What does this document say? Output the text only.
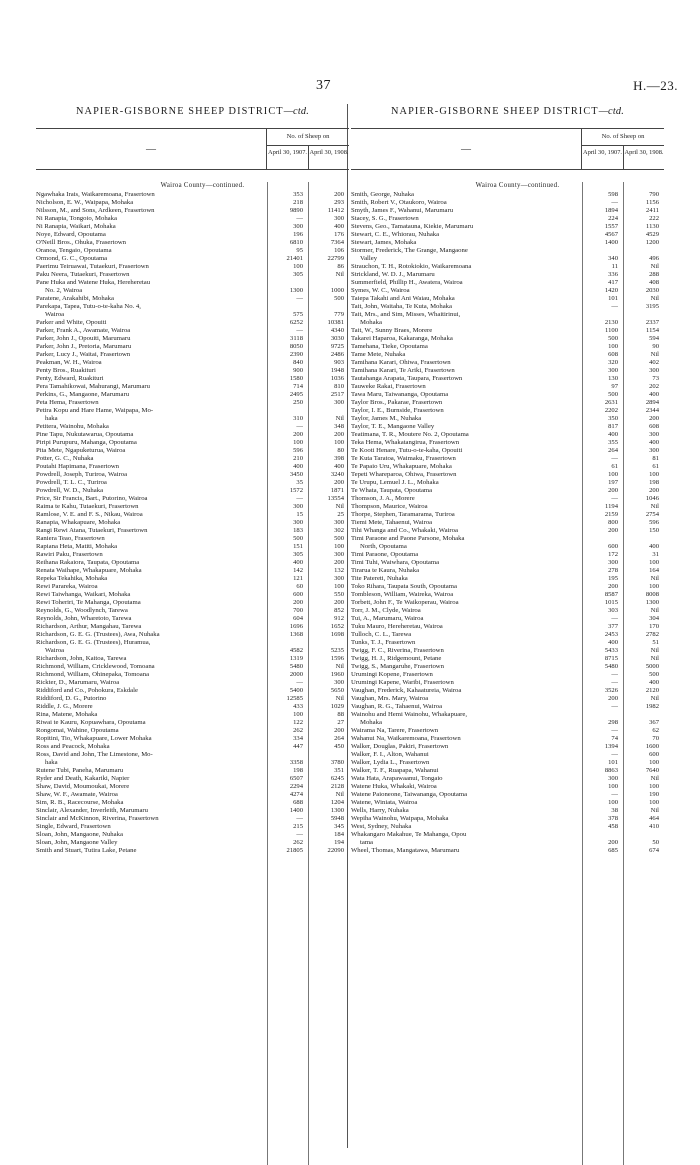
37	H.—23.
NAPIER-GISBORNE SHEEP DISTRICT—ctd.
—
No. of Sheep on
April 30, 1907. April 30, 1908.
Wairoa County—continued.
Ngawhaka Irais, Waikaremoana, Frasertown	353	200
Nicholson, E. W., Waipapa, Mohaka	218	293
Nilsson, M., and Sons, Ardkeen, Frasertown	9890	11412
Ni Ranapia, Tongoio, Mohaka	—	300
Ni Ranapia, Waikari, Mohaka	300	400
Noye, Edward, Opoutama	196	176
O'Neill Bros., Ohuka, Frasertown	6810	7364
Oranoa, Tengaio, Opoutama	95	106
Ormond, G. C., Opoutama	21401	22799
Paerimu Teiruawai, Tutaekuri, Frasertown	100	86
Paku Neera, Tutaekuri, Frasertown	305	Nil
Pane Huka and Watene Huka, Hereheretau
No. 2, Wairoa	1300	1000
Paratene, Arakahibi, Mohaka	—	500
Parekapa, Tapea, Tutu-o-te-kaha No. 4,
Wairoa	575	779
Parker and White, Opouiti	6252	10381
Parker, Frank A., Awamate, Wairoa	—	4340
Parker, John J., Opouiti, Marumaru	3118	3030
Parker, John J., Pretoria, Marumaru	8050	9725
Parker, Lucy J., Waitai, Frasertown	2390	2486
Peakman, W. H., Wairoa	840	903
Penty Bros., Ruakituri	900	1948
Penty, Edward, Ruakituri	1580	1036
Pera Tamahikowai, Mahurangi, Marumaru	714	810
Perkins, G., Mangaone, Marumaru	2495	2517
Peta Hema, Frasertown	250	300
Petira Kopu and Hare Hame, Waipapa, Mo-
haka	310	Nil
Petitera, Wainohu, Mohaka	—	348
Pine Tapu, Nukutawarua, Opoutama	200	200
Piripi Purupuru, Mahanga, Opoutama	100	100
Pita Mete, Ngapuketurua, Wairoa	596	80
Potter, G. C., Nuhaka	210	398
Poutahi Hapimana, Frasertown	400	400
Powdrell, Joseph, Turiroa, Wairoa	3450	3240
Powdrell, T. L. C., Turiroa	35	200
Powdrell, W. D., Nuhaka	1572	1871
Price, Sir Francis, Bart., Putorino, Wairoa	—	13554
Raima te Kahu, Tutaekuri, Frasertown	300	Nil
Ramlose, V. E. and F. S., Nikau, Wairoa	15	25
Ranapia, Whakapuare, Mohaka	300	300
Rangi Rewi Atana, Tutaekuri, Frasertown	183	302
Raniera Teao, Frasertown	500	500
Rapiana Heta, Matiti, Mohaka	151	100
Rawiri Paku, Frasertown	305	300
Reihana Rakaiora, Taupata, Opoutama	400	200
Renata Waihape, Whakapuare, Mohaka	142	132
Repeka Tekahika, Mohaka	121	300
Rewi Parareka, Wairoa	60	100
Rewi Taiwhanga, Waikari, Mohaka	600	550
Rewi Toheriri, Te Mahanga, Opoutama	200	200
Reynolds, G., Woodlynch, Tarewa	700	852
Reynolds, John, Wharetoto, Tarewa	604	912
Richardson, Arthur, Mangahau, Tarewa	1696	1652
Richardson, G. E. G. (Trustees), Awa, Nuhaka	1368	1698
Richardson, G. E. G. (Trustees), Huramua,
Wairoa	4582	5235
Richardson, John, Kaitoa, Tarewa	1319	1596
Richmond, William, Cricklewood, Tomoana	5480	Nil
Richmond, William, Ohinepaka, Tomoana	2000	1960
Rickter, D., Marumaru, Wairoa	—	300
Riddiford and Co., Pohokura, Eskdale	5400	5650
Riddiford, D. G., Putorino	12585	Nil
Riddle, J. G., Morere	433	1029
Rina, Matene, Mohaka	100	88
Riwai te Kauru, Kopuawhara, Opoutama	122	27
Rongomai, Wahine, Opoutama	262	200
Ropitini, Tio, Whakapuare, Lower Mohaka	334	264
Ross and Peacock, Mohaka	447	450
Ross, David and John, The Limestone, Mo-
haka	3358	3780
Rutene Tubi, Paneha, Marumaru	198	351
Ryder and Death, Kakariki, Napier	6507	6245
Shaw, David, Moumoukai, Morere	2294	2128
Shaw, W. F., Awamate, Wairoa	4274	Nil
Sim, R. B., Racecourse, Mohaka	688	1204
Sinclair, Alexander, Inverleith, Marumaru	1400	1300
Sinclair and McKinnon, Riverina, Frasertown	—	5948
Single, Edward, Frasertown	215	345
Sloan, John, Mangaone, Nuhaka	—	184
Sloan, John, Mangaone Valley	262	194
Smith and Stuart, Tutira Lake, Petane	21805	22090
NAPIER-GISBORNE SHEEP DISTRICT—ctd.
—
No. of Sheep on
April 30, 1907. April 30, 1908.
Wairoa County—continued.
Smith, George, Nuhaka	598	790
Smith, Robert V., Otaukoro, Wairoa	—	1156
Smyth, James F., Wahanui, Marumaru	1894	2411
Stacey, S. G., Frasertown	224	222
Stevens, Geo., Tamatauna, Kiekie, Marumaru	1557	1130
Stewart, C. E., Whiorau, Nuhaka	4567	4529
Stewart, James, Mohaka	1400	1200
Stormer, Frederick, The Grange, Mangaone
Valley	340	496
Strauchon, T. H., Rotokiokio, Waikaremoana	11	Nil
Strickland, W. D. J., Marumaru	336	288
Summerfield, Phillip H., Awatera, Wairoa	417	408
Symes, W. C., Wairoa	1420	2030
Taiepa Takahi and Ani Waiau, Mohaka	101	Nil
Tait, John, Waitaha, Te Kuta, Mohaka	—	3195
Tait, Mrs., and Sim, Misses, Whaitirinui,
Mohaka	2130	2337
Tait, W., Sunny Braes, Morere	1100	1154
Takarei Haparoa, Kakaranga, Mohaka	500	594
Tamehana, Tieke, Opoutama	100	90
Tame Mete, Nuhaka	608	Nil
Tamihana Karari, Ohiwa, Frasertown	320	402
Tamihana Karari, Te Ariki, Frasertown	300	300
Tautahanga Arapata, Taupara, Frasertown	130	73
Tauweke Rakai, Frasertown	97	202
Tawa Maru, Taiwananga, Opoutama	500	400
Taylor Bros., Pakarae, Frasertown	2631	2894
Taylor, I. E., Burnside, Frasertown	2202	2344
Taylor, James M., Nuhaka	350	200
Taylor, T. E., Mangaone Valley	817	608
Teatimana, T. R., Moutere No. 2, Opoutama	400	300
Teka Hema, Whakatangirua, Frasertown	355	400
Te Kooti Henare, Tutu-o-te-kaha, Opouiti	264	300
Te Kuta Taratoa, Waimaku, Frasertown	—	81
Te Papaio Uru, Whakapuare, Mohaka	61	61
Tepeti Whareparoa, Ohiwa, Frasertown	100	100
Te Urupu, Lemuel J. L., Mohaka	197	198
Te Whata, Taupata, Opoutama	200	200
Thomson, J. A., Morere	—	1046
Thompson, Maurice, Wairoa	1194	Nil
Thorpe, Stephen, Taramarama, Turiroa	2159	2754
Tiemi Mete, Tahaenui, Wairoa	800	596
Tihi Whanga and Co., Whakaki, Wairoa	200	150
Timi Paraone and Paone Parsone, Mohaka
North, Opoutama	600	400
Timi Paraone, Opoutama	172	31
Timi Tuhi, Waiwhara, Opoutama	300	100
Tirarua te Kaura, Nuhaka	278	164
Tite Patereti, Nuhaka	195	Nil
Toko Rihara, Taupata South, Opoutama	200	100
Tombleson, William, Waireka, Wairoa	8587	8008
Torbett, John F., Te Waikoperau, Wairoa	1015	1300
Torr, J. M., Clyde, Wairoa	303	Nil
Tui, A., Marumaru, Wairoa	—	304
Tuku Mauro, Hereheretau, Wairoa	377	170
Tulloch, C. L., Tarewa	2453	2782
Tunks, T. J., Frasertown	400	51
Twigg, F. C., Riverina, Frasertown	5433	Nil
Twigg, H. J., Ridgemount, Petane	8715	Nil
Twigg, S., Mangaruhe, Frasertown	5480	5000
Urumingi Kopene, Frasertown	—	500
Urumingi Kapene, Waribi, Frasertown	—	400
Vaughan, Frederick, Kahaatureia, Wairoa	3526	2120
Vaughan, Mrs. Mary, Wairoa	200	Nil
Vaughan, R. G., Tahaenui, Wairoa	—	1982
Wainohu and Hemi Wainohu, Whakapuare,
Mohaka	298	367
Wairama Na, Tarere, Frasertown	—	62
Wahanui Na, Waikaremoana, Frasertown	74	70
Walker, Douglas, Pakiri, Frasertown	1394	1600
Walker, F. I., Alton, Wahanui	—	600
Walker, Lydia L., Frasertown	101	100
Walker, T. F., Ruapapa, Wahanui	8863	7640
Wata Hata, Arapawaanui, Tongaio	300	Nil
Watene Huka, Whakaki, Wairoa	100	100
Watene Paioneone, Taiwananga, Opoutama	—	190
Watene, Winiata, Wairoa	100	100
Wells, Harry, Nuhaka	38	Nil
Wepiha Wainohu, Waipapa, Mohaka	378	464
West, Sydney, Nuhaka	458	410
Whakangaro Makahue, Te Mahanga, Opou
tama	200	50
Wheel, Thomas, Mangatawa, Marumaru	685	674
